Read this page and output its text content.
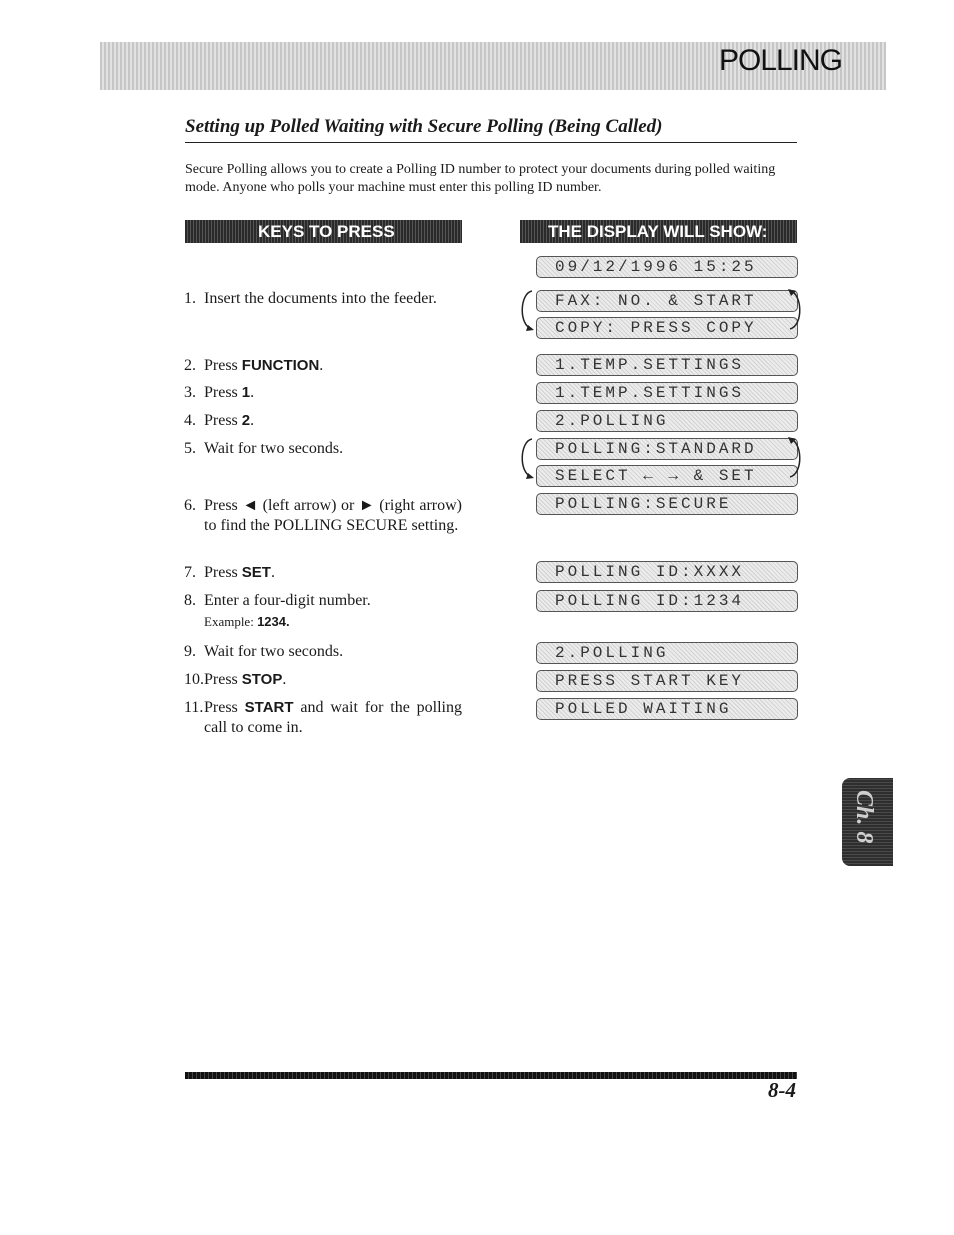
POLLING
Setting up Polled Waiting with Secure Polling (Being Called)
Secure Polling allows you to create a Polling ID number to protect your documents during polled waiting mode. Anyone who polls your machine must enter this polling ID number.
KEYS TO PRESS	THE DISPLAY WILL SHOW:
1. Insert the documents into the feeder.
2. Press FUNCTION.
3. Press 1.
4. Press 2.
5. Wait for two seconds.
6. Press ◄ (left arrow) or ► (right arrow) to find the POLLING SECURE setting.
7. Press SET.
8. Enter a four-digit number.
Example: 1234.
9. Wait for two seconds.
10. Press STOP.
11. Press START and wait for the polling call to come in.
09/12/1996 15:25
FAX: NO. & START
COPY: PRESS COPY
1.TEMP.SETTINGS
1.TEMP.SETTINGS
2.POLLING
POLLING:STANDARD
SELECT ← → & SET
POLLING:SECURE
POLLING ID:XXXX
POLLING ID:1234
2.POLLING
PRESS START KEY
POLLED WAITING
Ch. 8
8-4
